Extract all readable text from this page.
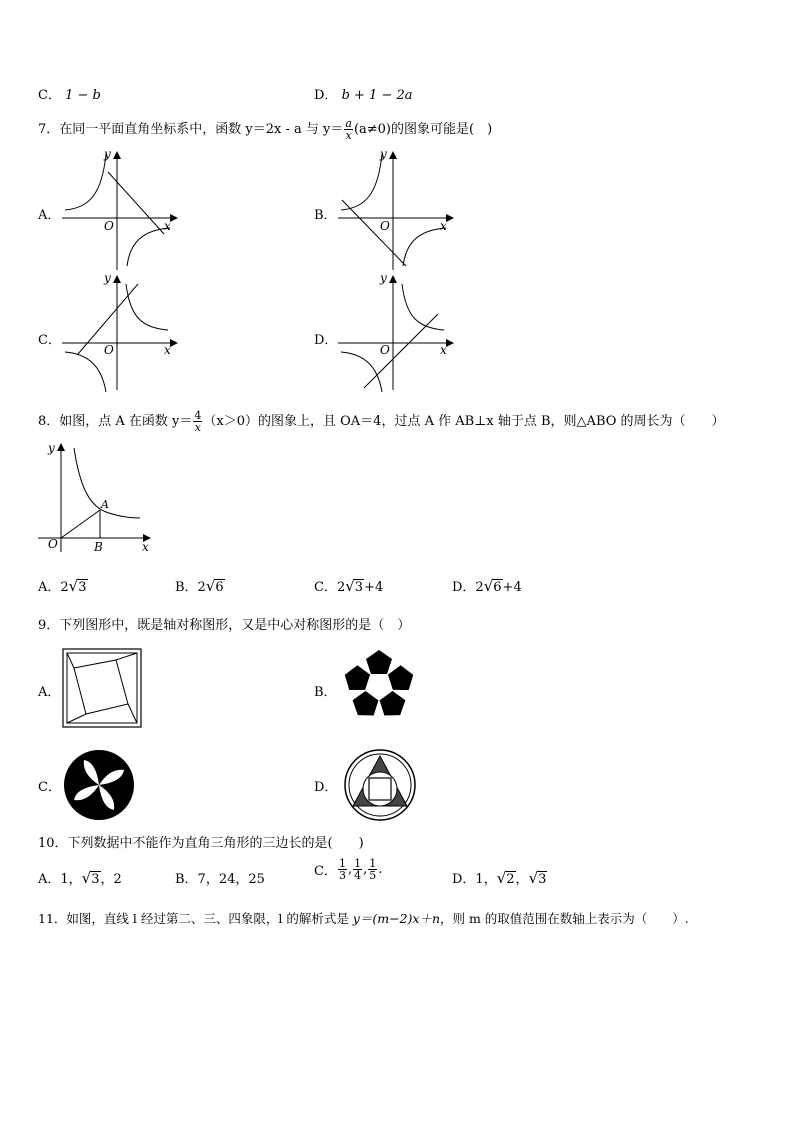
C． 1 − b	D． b + 1 − 2a
7．在同一平面直角坐标系中，函数 y＝2x - a 与 $y= \frac{a}{x} (a\ne 0)$的图象可能是(　)
A．
x
y
O
B．
x
y
O
C．
x
y
O
D．
x
y
O
8．如图，点 A 在函数 $y= \frac{4}{x} (x>0)$的图象上，且 OA＝4，过点 A 作 AB⊥x 轴于点 B，则△ABO 的周长为（　　）
y
x
O	B
A
A．2√3	B．2√6	C．2√3+4	D．2√6+4
9．下列图形中，既是轴对称图形，又是中心对称图形的是（　）
A．	B．
C．	D．
10．下列数据中不能作为直角三角形的三边长的是(　　)
A．1，√3，2	B．7，24，25
C． $\frac{1}{3}$ , $\frac{1}{4}$ , $\frac{1}{5}$ .
D．1，√2，√3
11．如图，直线 l 经过第二、三、四象限，l 的解析式是 y＝(m−2)x＋n，则 m 的取值范围在数轴上表示为（　　）.
